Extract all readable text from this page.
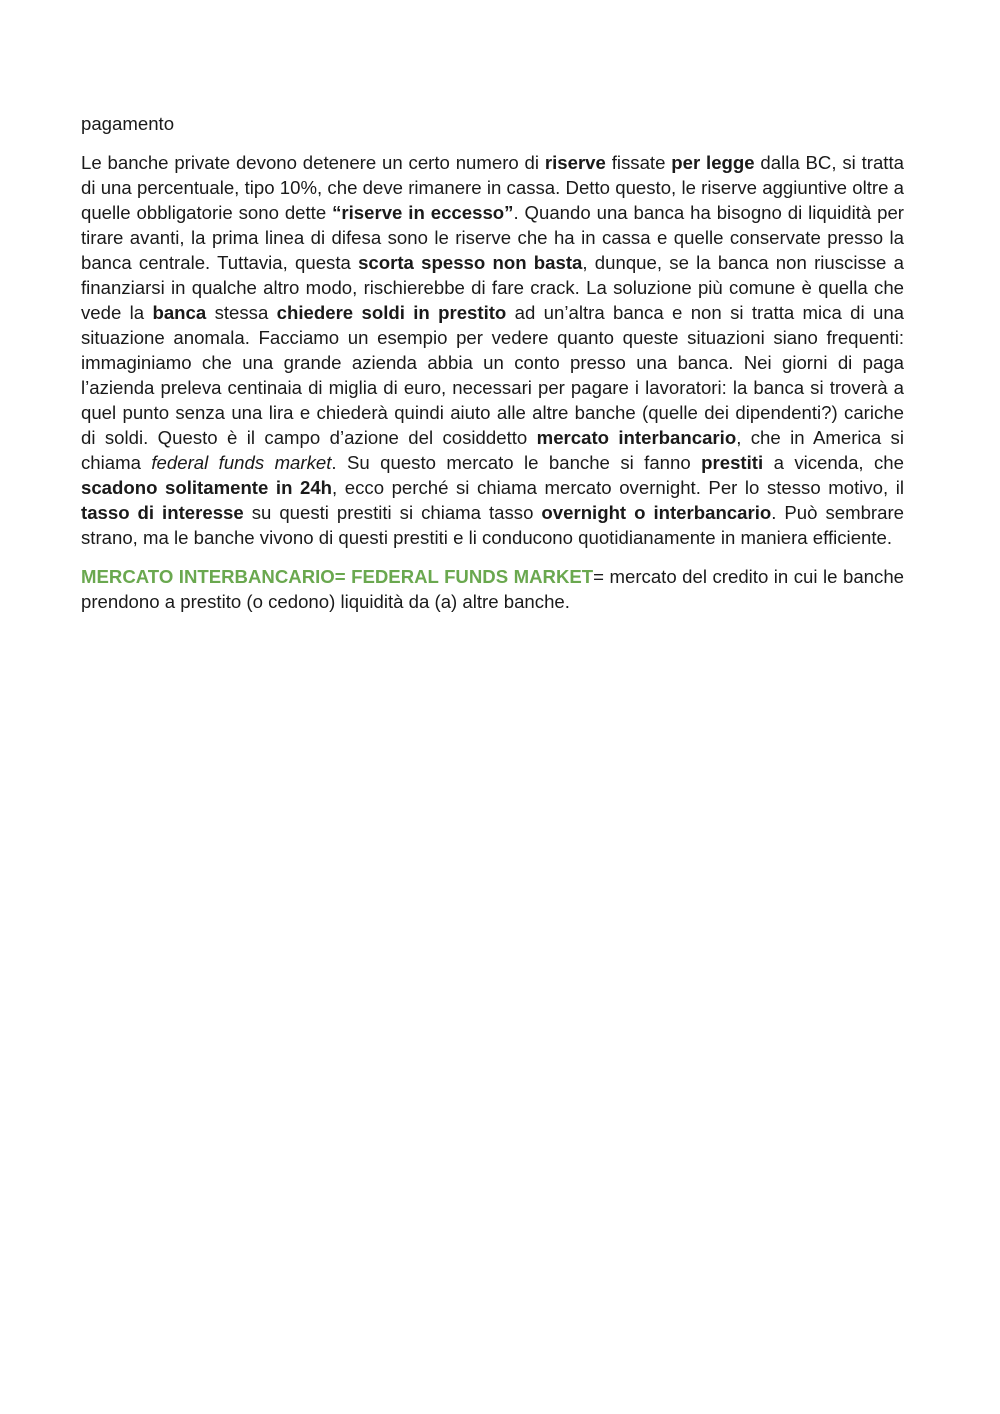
pagamento

Le banche private devono detenere un certo numero di riserve fissate per legge dalla BC, si tratta di una percentuale, tipo 10%, che deve rimanere in cassa. Detto questo, le riserve aggiuntive oltre a quelle obbligatorie sono dette “riserve in eccesso”. Quando una banca ha bisogno di liquidità per tirare avanti, la prima linea di difesa sono le riserve che ha in cassa e quelle conservate presso la banca centrale. Tuttavia, questa scorta spesso non basta, dunque, se la banca non riuscisse a finanziarsi in qualche altro modo, rischierebbe di fare crack. La soluzione più comune è quella che vede la banca stessa chiedere soldi in prestito ad un’altra banca e non si tratta mica di una situazione anomala. Facciamo un esempio per vedere quanto queste situazioni siano frequenti: immaginiamo che una grande azienda abbia un conto presso una banca. Nei giorni di paga l’azienda preleva centinaia di miglia di euro, necessari per pagare i lavoratori: la banca si troverà a quel punto senza una lira e chiederà quindi aiuto alle altre banche (quelle dei dipendenti?) cariche di soldi. Questo è il campo d’azione del cosiddetto mercato interbancario, che in America si chiama federal funds market. Su questo mercato le banche si fanno prestiti a vicenda, che scadono solitamente in 24h, ecco perché si chiama mercato overnight. Per lo stesso motivo, il tasso di interesse su questi prestiti si chiama tasso overnight o interbancario. Può sembrare strano, ma le banche vivono di questi prestiti e li conducono quotidianamente in maniera efficiente.

MERCATO INTERBANCARIO= FEDERAL FUNDS MARKET= mercato del credito in cui le banche prendono a prestito (o cedono) liquidità da (a) altre banche.
